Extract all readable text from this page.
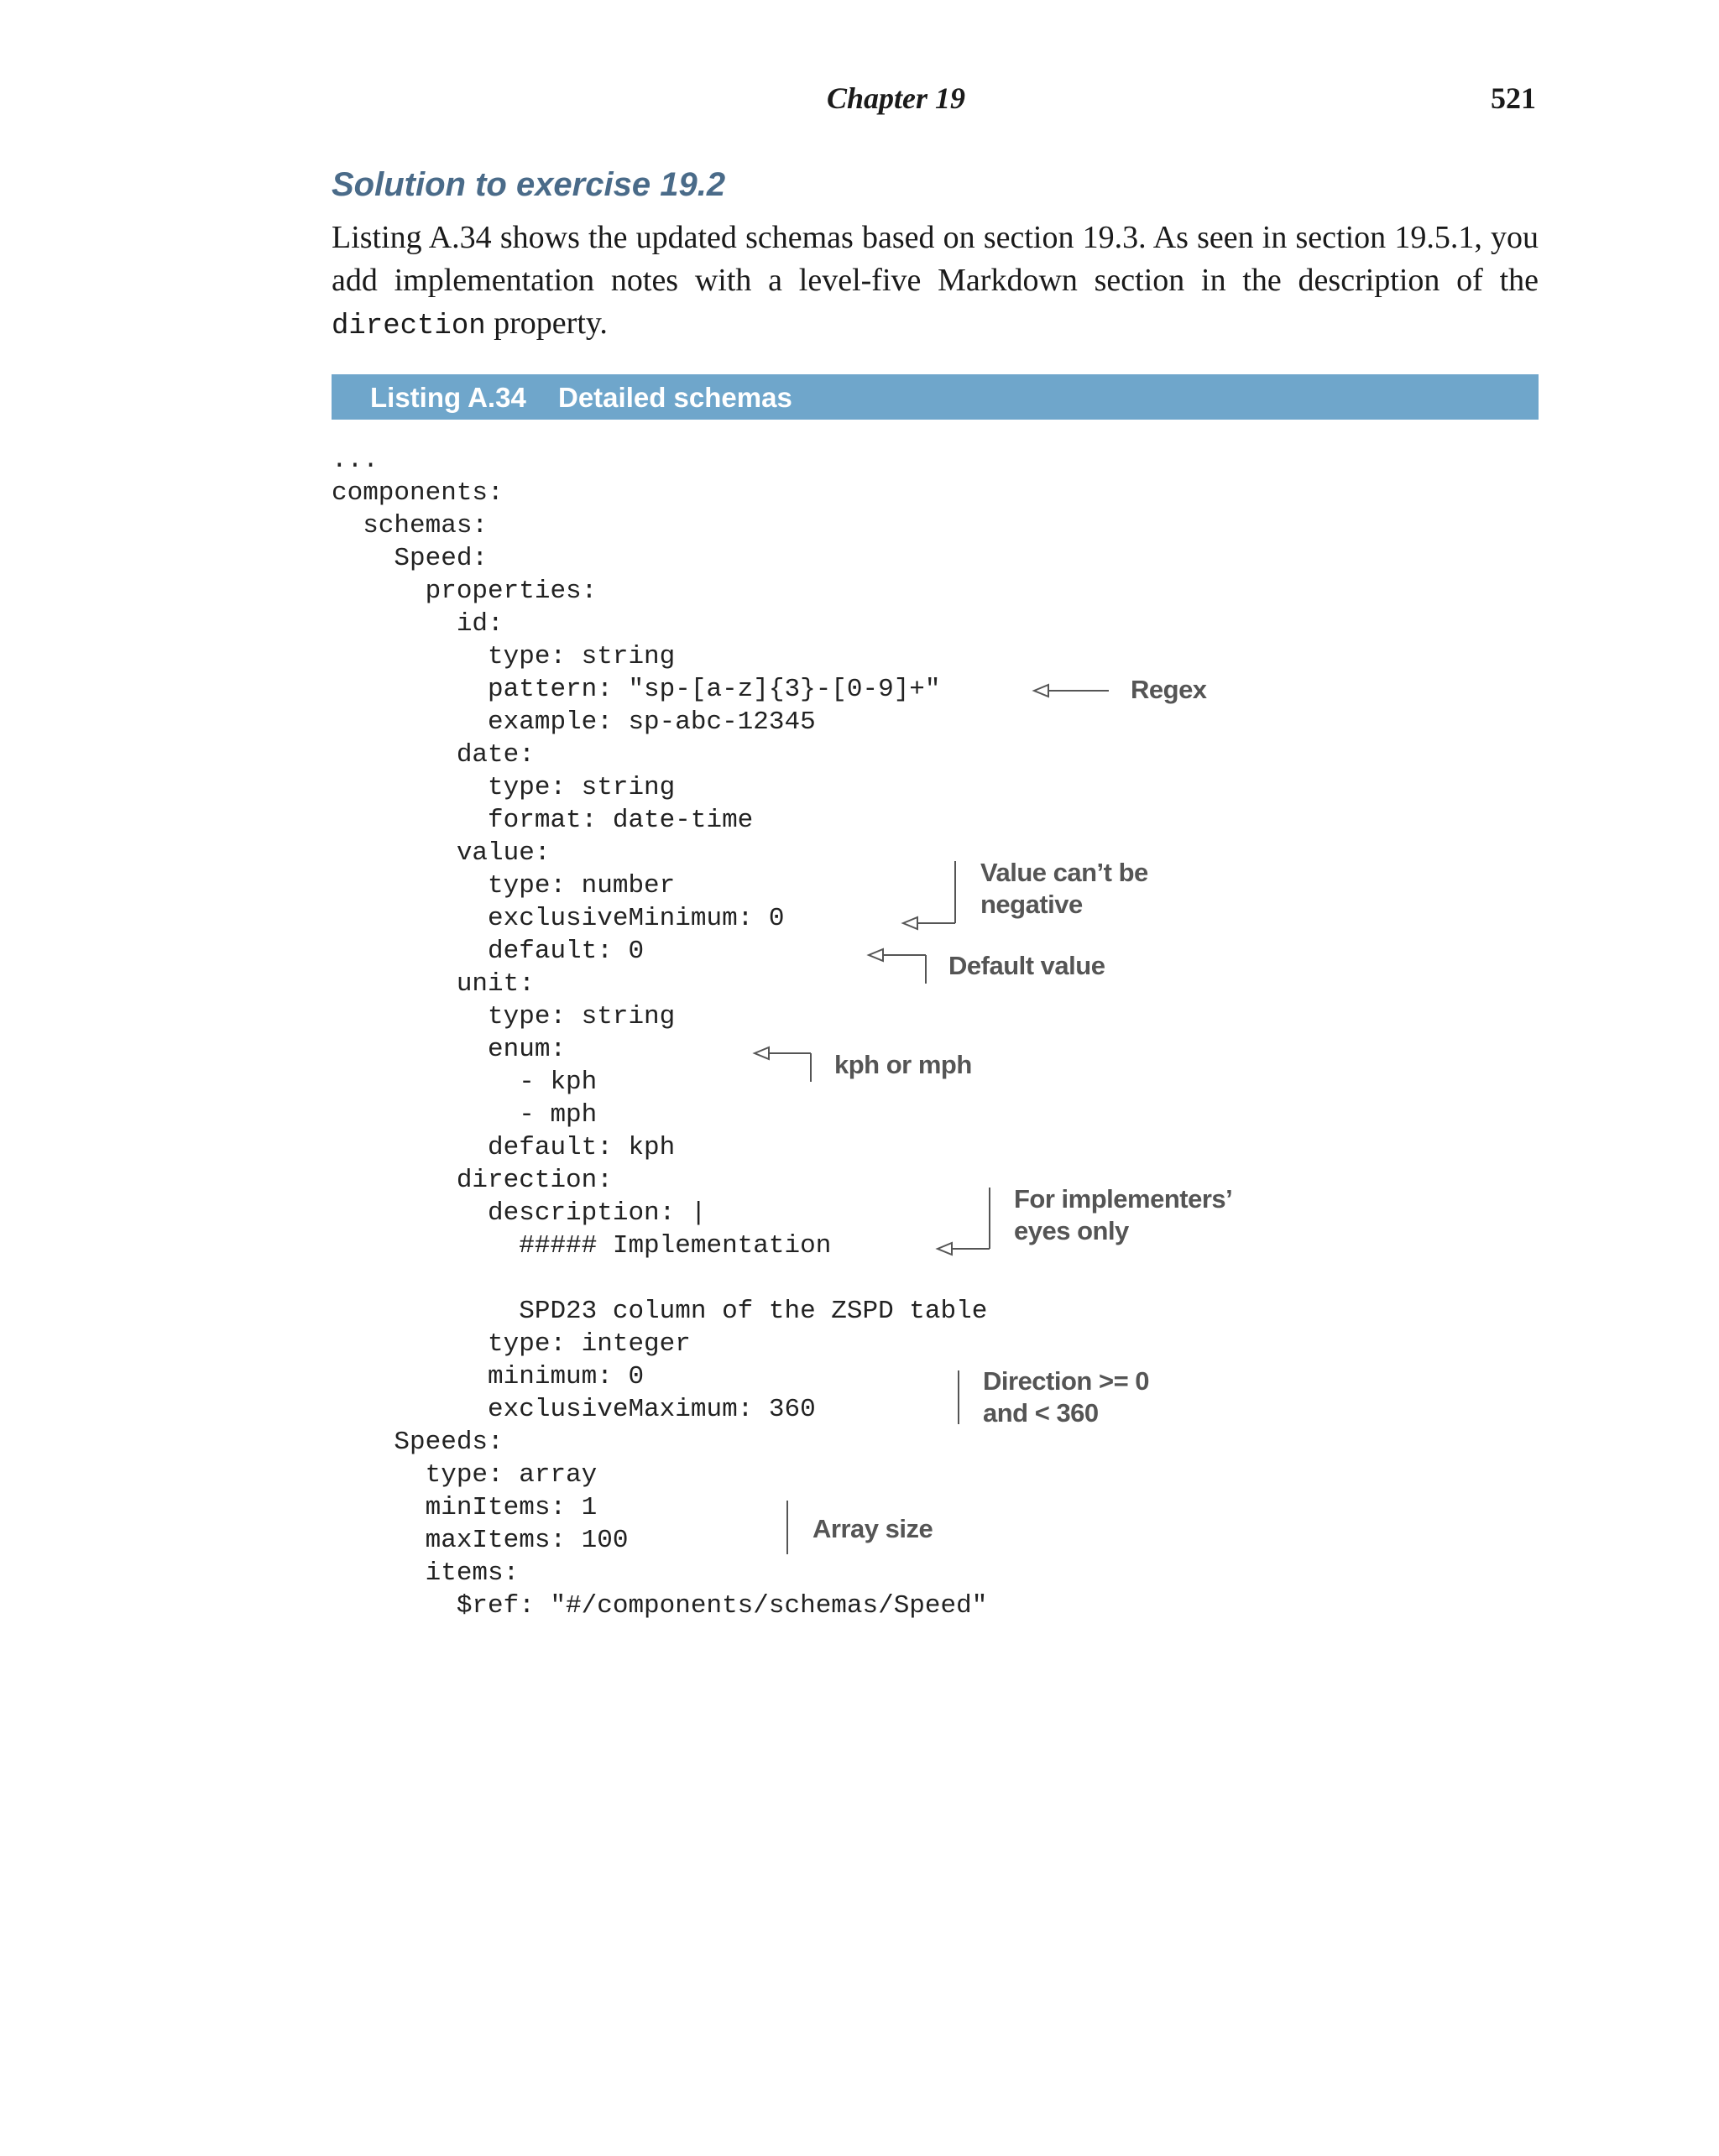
Chapter 19	521
Solution to exercise 19.2

Listing A.34 shows the updated schemas based on section 19.3. As seen in section 19.5.1, you add implementation notes with a level-five Markdown section in the description of the direction property.

Listing A.34 Detailed schemas
...
components:
schemas:
Speed:
properties:
id:
type: string
pattern: "sp-[a-z]{3}-[0-9]+"
example: sp-abc-12345
date:
type: string
format: date-time
value:
type: number
exclusiveMinimum: 0
default: 0
unit:
type: string
enum:
- kph
- mph
default: kph
direction:
description: |
##### Implementation
SPD23 column of the ZSPD table
type: integer
minimum: 0
exclusiveMaximum: 360
Speeds:
type: array
minItems: 1
maxItems: 100
items:
$ref: "#/components/schemas/Speed"
Regex
Value can’t be
negative
Default value
kph or mph
For implementers’
eyes only
Direction >= 0
and < 360
Array size
